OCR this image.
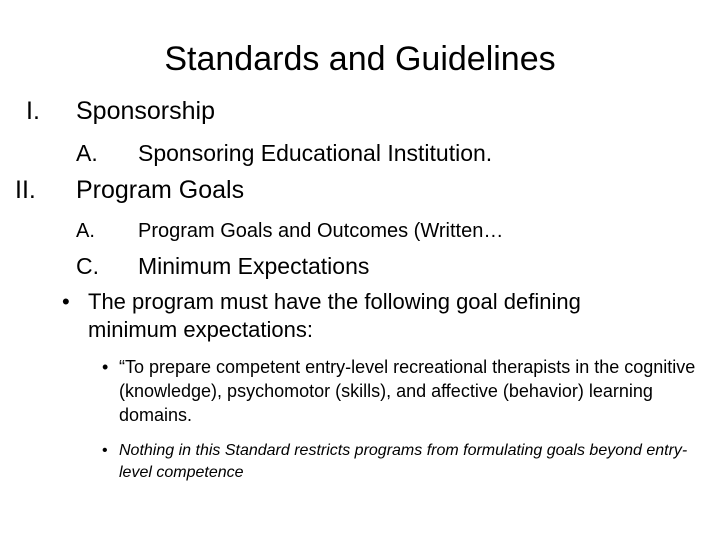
Standards and Guidelines
I. Sponsorship
A. Sponsoring Educational Institution.
II. Program Goals
A. Program Goals and Outcomes (Written…
C. Minimum Expectations
• The program must have the following goal defining minimum expectations:
• “To prepare competent entry-level recreational therapists in the cognitive (knowledge), psychomotor (skills), and affective (behavior) learning domains.
• Nothing in this Standard restricts programs from formulating goals beyond entry-level competence
